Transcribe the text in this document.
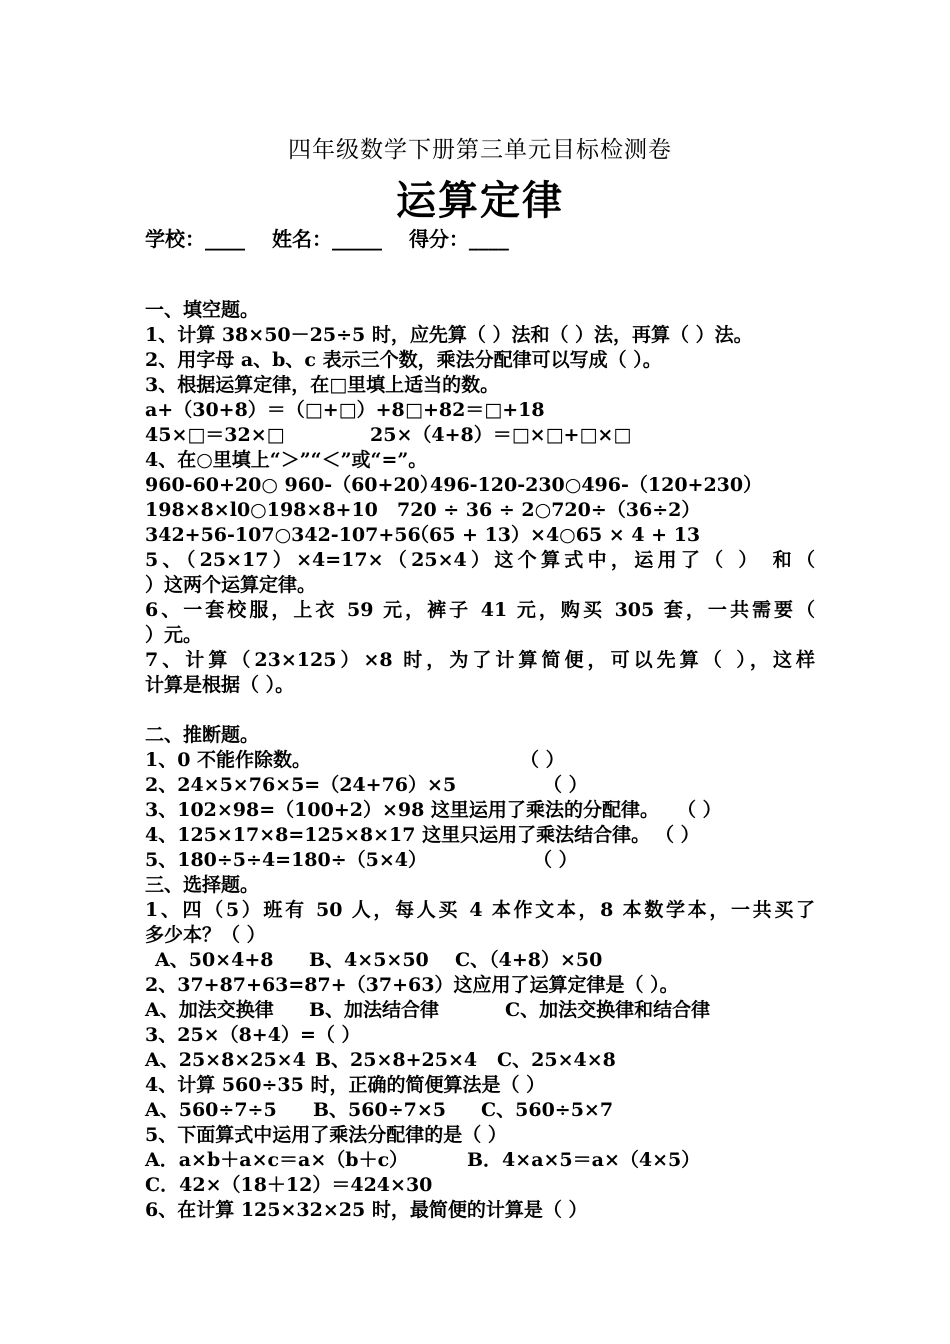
四年级数学下册第三单元目标检测卷
运算定律
学校：____ 姓名：_____ 得分：____
一、填空题。
1、计算 38×50－25÷5 时，应先算（ ）法和（ ）法，再算（ ）法。
2、用字母 a、b、c 表示三个数，乘法分配律可以写成（ ）。
3、根据运算定律，在□里填上适当的数。
a+（30+8）＝（□+□）+8□+82＝□+18
45×□＝32×□	25×（4+8）＝□×□+□×□
4、在○里填上“＞”“＜”或“=”。
960-60+20○ 960-（60+20）496-120-230○496-（120+230）
198×8×l0○198×8+10 720 ÷ 36 ÷ 2○720÷（36÷2）
342+56-107○342-107+56（65 + 13）×4○65 × 4 + 13
5、（25×17）×4=17×（25×4）这个算式中，运用了（ ） 和（
）这两个运算定律。
6、一套校服，上衣 59 元，裤子 41 元，购买 305 套，一共需要（
）元。
7、计算（23×125）×8 时，为了计算简便，可以先算（ ），这样
计算是根据（ ）。
二、推断题。
1、0 不能作除数。	（ ）
2、24×5×76×5=（24+76）×5	（ ）
3、102×98=（100+2）×98 这里运用了乘法的分配律。 （ ）
4、125×17×8=125×8×17 这里只运用了乘法结合律。 （ ）
5、180÷5÷4=180÷（5×4）	（ ）
三、选择题。
1、四（5）班有 50 人，每人买 4 本作文本，8 本数学本，一共买了
多少本？（ ）
A、50×4+8 B、4×5×50 C、（4+8）×50
2、37+87+63=87+（37+63）这应用了运算定律是（ ）。
A、加法交换律 B、加法结合律	C、加法交换律和结合律
3、25×（8+4）=（ ）
A、25×8×25×4 B、25×8+25×4 C、25×4×8
4、计算 560÷35 时，正确的简便算法是（ ）
A、560÷7÷5 B、560÷7×5 C、560÷5×7
5、下面算式中运用了乘法分配律的是（ ）
A．a×b＋a×c＝a×（b＋c）	B．4×a×5＝a×（4×5）
C．42×（18＋12）＝424×30
6、在计算 125×32×25 时，最简便的计算是（ ）
